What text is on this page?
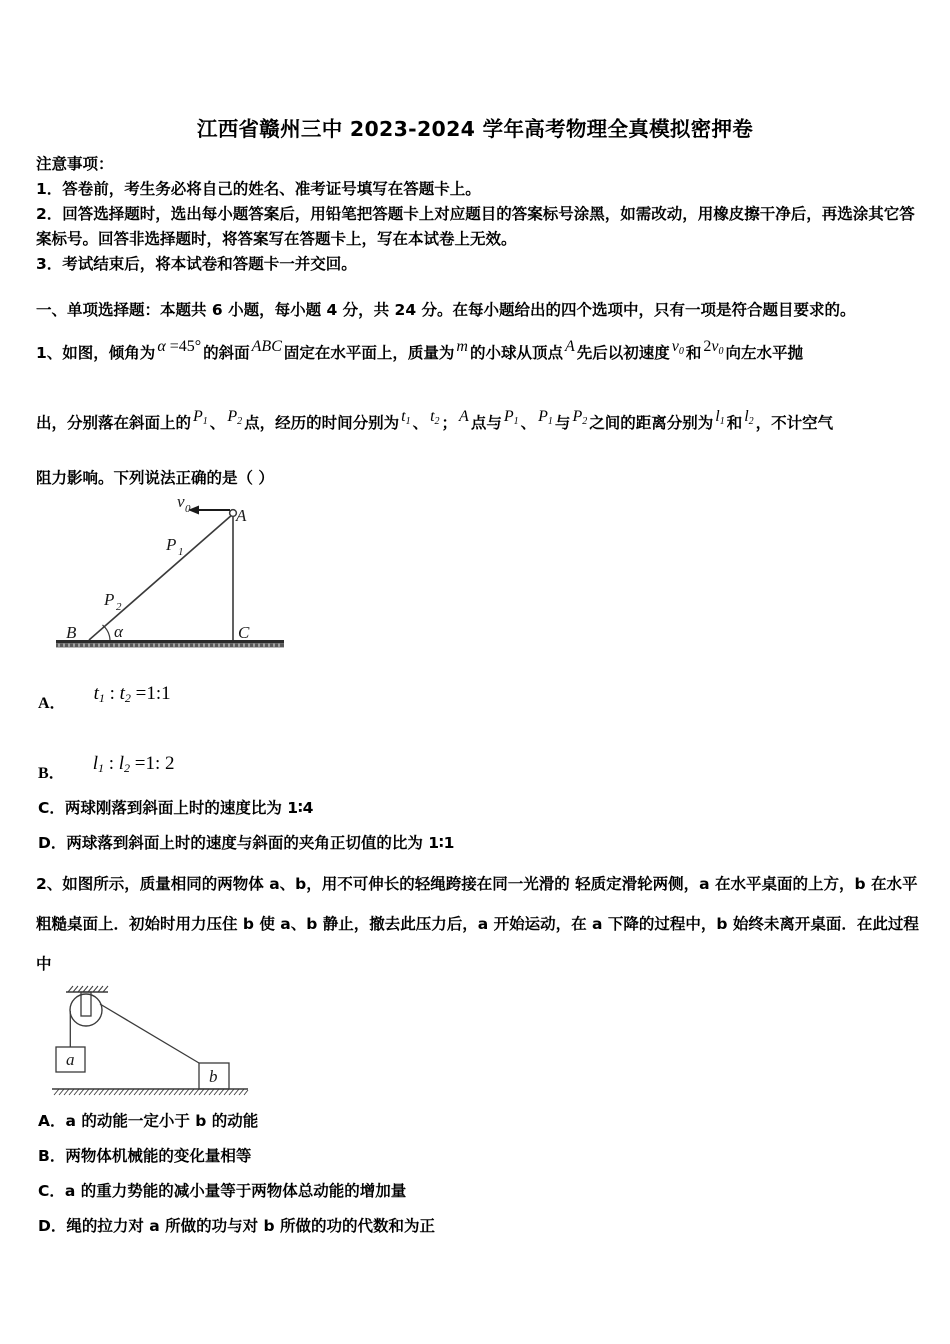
江西省赣州三中 2023-2024 学年高考物理全真模拟密押卷
注意事项：
1．答卷前，考生务必将自己的姓名、准考证号填写在答题卡上。
2．回答选择题时，选出每小题答案后，用铅笔把答题卡上对应题目的答案标号涂黑，如需改动，用橡皮擦干净后，再选涂其它答案标号。回答非选择题时，将答案写在答题卡上，写在本试卷上无效。
3．考试结束后，将本试卷和答题卡一并交回。
一、单项选择题：本题共 6 小题，每小题 4 分，共 24 分。在每小题给出的四个选项中，只有一项是符合题目要求的。
1、如图，倾角为 α =45° 的斜面 ABC 固定在水平面上，质量为 m 的小球从顶点 A 先后以初速度 $v_0$ 和 $2v_0$ 向左水平抛
出，分别落在斜面上的 $P_1$ 、 $P_2$ 点，经历的时间分别为 $t_1$ 、 $t_2$ ； A 点与 $P_1$ 、 $P_1$ 与 $P_2$ 之间的距离分别为 $l_1$ 和 $l_2$ ，不计空气
阻力影响。下列说法正确的是（ ）
A
B	C
α
P 1
P 2
v 0
A． $t_1$ : $t_2$ =1:1
B． $l_1$ : $l_2 =1$: 2
C．两球刚落到斜面上时的速度比为 1∶4
D．两球落到斜面上时的速度与斜面的夹角正切值的比为 1∶1
2、如图所示，质量相同的两物体 a、b，用不可伸长的轻绳跨接在同一光滑的 轻质定滑轮两侧，a 在水平桌面的上方，b 在水平粗糙桌面上．初始时用力压住 b 使 a、b 静止，撤去此压力后，a 开始运动，在 a 下降的过程中，b 始终未离开桌面．在此过程中
a
b
A．a 的动能一定小于 b 的动能
B．两物体机械能的变化量相等
C．a 的重力势能的减小量等于两物体总动能的增加量
D．绳的拉力对 a 所做的功与对 b 所做的功的代数和为正
